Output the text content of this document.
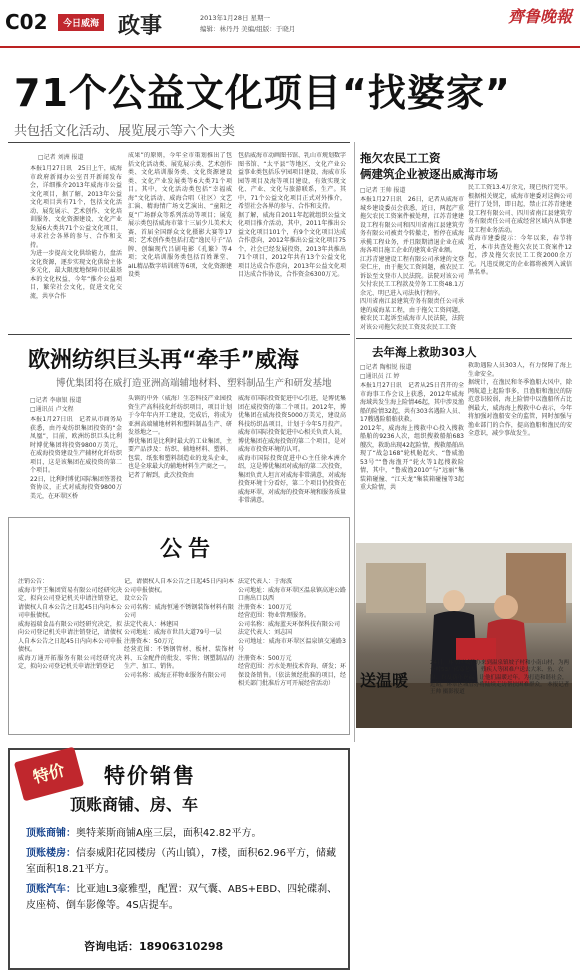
C02	今日威海 政事	2013年1月28日 星期一
编辑：林丹丹 美编/组版：于晓月
齊鲁晚報
71个公益文化项目“找婆家”
共包括文化活动、展览展示等六个大类
□记者 刘洲 报道
本报1月27日讯　25日上午，威海市政府新闻办公室召开新闻发布会，详细推介2013年威海市公益文化项目，据了解，2013年公益文化项目共有71个，包括文化活动、展览展示、艺术创作、文化培训服务、文化资源建设、文化产业发展6大类共71个公益文化项目，寻求社会各界的参与、合作和支持。
为进一步提高文化供给能力，盘活文化资源，逐步实现文化供给主体多元化，最大限度地保障市民最基本的文化权益，今年“推介公益项目，繁荣社会文化，促进文化交流，共享合作
成果”的原则，今年全市策划推出了包括文化活动类、展览展示类、艺术创作类、文化培训服务类、文化资源建设类、文化产业发展类等6大类71个项目。其中，文化活动类包括“幸福威海”文化活动、威海合唱（社区）文艺汇演、精海情广场文艺演出、“童阳之夏”广场群众等系列活动等项目；展览展示类包括威海市第十三届少儿美术大赛、首届全国群众文化摄影大赛等17项；艺术创作类包括打造“逸民号子”品牌、创编现代吕剧电影《孔繁》等4项；文化培训服务类包括百姓课堂、aIL精品数字培训班等6项，文化资源建设类
包括威海市动画图书馆、乳山市规划数字图书馆、“太平县”等地区、文化产业公益事业类包括乐亨园项目建设、海威市乐园等项目及海等项目建设，有效实现文化、产业、文化与旅游联系，生产。其中，71个公益文化项目正式对外推介，希望社会各界的参与、合作和支持。
据了解，威海自2011年起就组织公益文化项目推介活动，其中，2011年推出公益文化项目101个，有9个文化项目达成合作意向，2012年推出公益文化项目75个，社会已经发展投资，2013年共推出71个项目，2012年共有13个公益文化项目达成合作意向，2013年公益文化项目达成合作协议，合作资金6300万元。
欧洲纺织巨头再“牵手”威海
博优集团将在威打造亚洲高端辅地材料、塑料制品生产和研发基地
□记者 李康银 报道
□通讯员 卢文程
本报1月27日讯　记者从市商务局获悉，由丹麦纺织集团投资的“金凤凰”，目前，欧洲纺织巨头比利时博优集团将投资9800万美元，在威海投资建设生产辅材化纤纺织项目，这是该集团在威投资的第二个项目。
22日，比利时博优国际集团签署投资协议，正式对威海投资9800万美元，在环翠区桥
头镇的中外（威海）生态科技产业园投资生产高科技化纤纺织项目，项目计划于今年年内开工建设，完成后，将成为亚洲高端辅地材料和塑料制品生产、研发基地之一。
博优集团是比利时最大的工业集团，主要产品涉及：纺织、辅地材料、塑料、包装、纸张和塑料制造业的龙头企业，也是全球最大的辅地材料生产商之一。
记者了解到，此次投资由
威海市国际投资促进中心引进，是博优集团在威投资的第二个项目。2012年，博优集团在威海投资5000万美元，建设高科技纺织品项目，计划于今年5月投产。威海市国际投资促进中心相关负责人说，博优集团在威海投资的第二个项目，是对威海市投资环境的认可。
威海市国际投资促进中心主任徐本洲介绍，这是博优集团对威海的第二次投资，集团负责人坦言对威海非常满意，对威海投资环境十分看好，第二个项目仍投资在威海环翠，对威海的投资环境和服务质量非常满意。
公告
注销公告：
威海市宇王集团贸易有限公司经研究决定，拟向公司登记机关申请注销登记，请债权人自本公告之日起45日内向本公司申报债权。
威海福瑞食品有限公司经研究决定，拟向公司登记机关申请注销登记，请债权人自本公告之日起45日内向本公司申报债权。
威海万通开拓服务有限公司经研究决定，拟向公司登记机关申请注销登记
记，请债权人自本公告之日起45日内向本公司申报债权。
设立公告
公司名称：威海恒通不锈钢装饰材料有限公司
法定代表人：林建国
公司地址：威海市世昌大道79号一层
注册资本：50万元
经营范围：不锈钢管材、板材、装饰材料、五金配件的批发、零售；钢塑制品的生产、加工、销售。
公司名称：威海正祥物业服务有限公司
法定代表人：于海波
公司地址：威海市环翠区温泉镇高速公路口南出口以西
注册资本：100万元
经营范围：物业管理服务。
公司名称：威海蓝天环保科技有限公司
法定代表人：刘志国
公司地址：威海市环翠区温泉镇交通路3号
注册资本：500万元
经营范围：污水处理技术咨询、研发；环保设备销售。（依法须经批准的项目，经相关部门批准后方可开展经营活动）
特价	特价销售
顶账商铺、房、车
顶账商铺：奥特莱斯商铺A座三层，面积42.82平方。
顶账楼房：信泰威阳花园楼房（芮山镇），7楼，面积62.96平方，储藏室面积18.21平方。
顶账汽车：比亚迪L3豪雅型，配置：双气囊、ABS+EBD、四轮碟刹、皮座椅、倒车影像等。4S店提车。
咨询电话：18906310298
拖欠农民工工资
俩建筑企业被逐出威海市场
□记者 王帅 报道
本报1月27日讯　26日，记者从威海市城乡建设委员会获悉，近日，两起产重拖欠农民工资案件被处理，江苏青建建设工程有限公司和四川省南江县建筑劳务有限公司被责令转撤走，暂停在威海承揽工程业务，并且限期清退企业在威海各项目施工企业的建筑业营业额。
江苏青建建设工程有限公司承建的文登荣仁庄，由于拖欠工资问题，被农民工诉讼至文登市人民法院。法院对该公司欠付农民工工程款及劳务工工资48.1万余元、明已进入司法执行程序。
四川省南江县建筑劳务有限责任公司承建的威海某工程，由于拖欠工资问题，被农民工起诉至威海市人民法院，法院对该公司拖欠农民工资及农民工工资
民工工资13.4万余元，现已执行完毕。
根据相关规定，威海市建委对这俩公司进行了处罚，即日起，禁止江苏青建建设工程有限公司、四川省南江县建筑劳务有限责任公司在威经营区域内从事建设工程业务活动。
威海市建委提示：今年以来，春节将近，本市共查处拖欠农民工资案件12起，涉及拖欠农民工工资2000余万元。凡违反规定的企业都将被列入诚信黑名单。
去年海上救助303人
□记者 陶相锐 报道
□通讯员 江 婷
本报1月27日讯　记者从25日召开的全市海事工作会议上获悉，2012年威海海域共发生海上险情46起，其中涉及渔船的险情32起，共有303名遇险人员、17艘遇险船舶获救。
2012年，威海海上搜救中心投入搜救船舶的9236人次，组织搜救船舶683艘次，救助出现42起险情，搜救船舶出现了“战急168”轮机舱起火、“鲁威渔53号”“鲁海渔开”轮火等1起搜救险情，其中，“鲁威渔2010”与“远丽”集装箱碰撞、“江天龙”集装箱碰撞等3起重大险情，共
救助遇险人员303人，有力保障了海上生命安全。
据统计，在渔民和冬季渔船大风中，除网航道上起险事多，且渔船和渔民的防范意识较弱，海上险情中以渔船所占比例最大，威海海上搜救中心表示，今年将加强对渔船安全的监管，同时加强与渔业部门的合作，提高渔船和渔民的安全意识，减少事故发生。
送温暖
24日，环翠区城管办来到温泉镇坡子村和小南山村，为两个村53户孤寡老人、残疾人等困难户送去大米、鱼、衣服、以及新年祝福，让他们温暖过年。为打造和谐社会，近期，环翠区城管办将陆续走访帮扶困难群众。 本报记者 王帅 摄影报道
